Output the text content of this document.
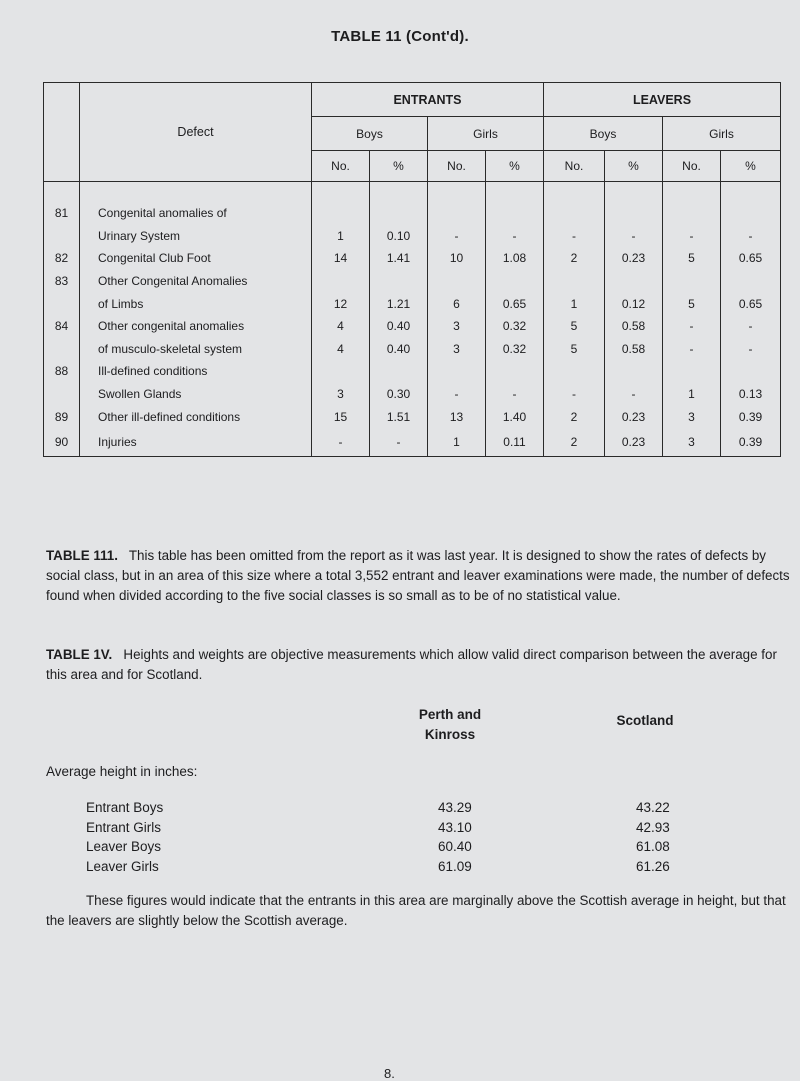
TABLE 11 (Cont'd).
	Defect	ENTRANTS				LEAVERS			
		Boys		Girls		Boys		Girls	
		No.	%	No.	%	No.	%	No.	%

81	Congenital anomalies of								
	Urinary System	1	0.10	-	-	-	-	-	-
82	Congenital Club Foot	14	1.41	10	1.08	2	0.23	5	0.65
83	Other Congenital Anomalies								
	of Limbs	12	1.21	6	0.65	1	0.12	5	0.65
84	Other congenital anomalies	4	0.40	3	0.32	5	0.58	-	-
	of musculo-skeletal system	4	0.40	3	0.32	5	0.58	-	-
88	Ill-defined conditions								
	Swollen Glands	3	0.30	-	-	-	-	1	0.13
89	Other ill-defined conditions	15	1.51	13	1.40	2	0.23	3	0.39
90	Injuries	-	-	1	0.11	2	0.23	3	0.39
TABLE 111. This table has been omitted from the report as it was last year. It is designed to show the rates of defects by social class, but in an area of this size where a total 3,552 entrant and leaver examinations were made, the number of defects found when divided according to the five social classes is so small as to be of no statistical value.
TABLE 1V. Heights and weights are objective measurements which allow valid direct comparison between the average for this area and for Scotland.
Perth and
Kinross
Scotland
Average height in inches:
Entrant Boys	43.29	43.22
Entrant Girls	43.10	42.93
Leaver Boys	60.40	61.08
Leaver Girls	61.09	61.26
These figures would indicate that the entrants in this area are marginally above the Scottish average in height, but that the leavers are slightly below the Scottish average.
8.
